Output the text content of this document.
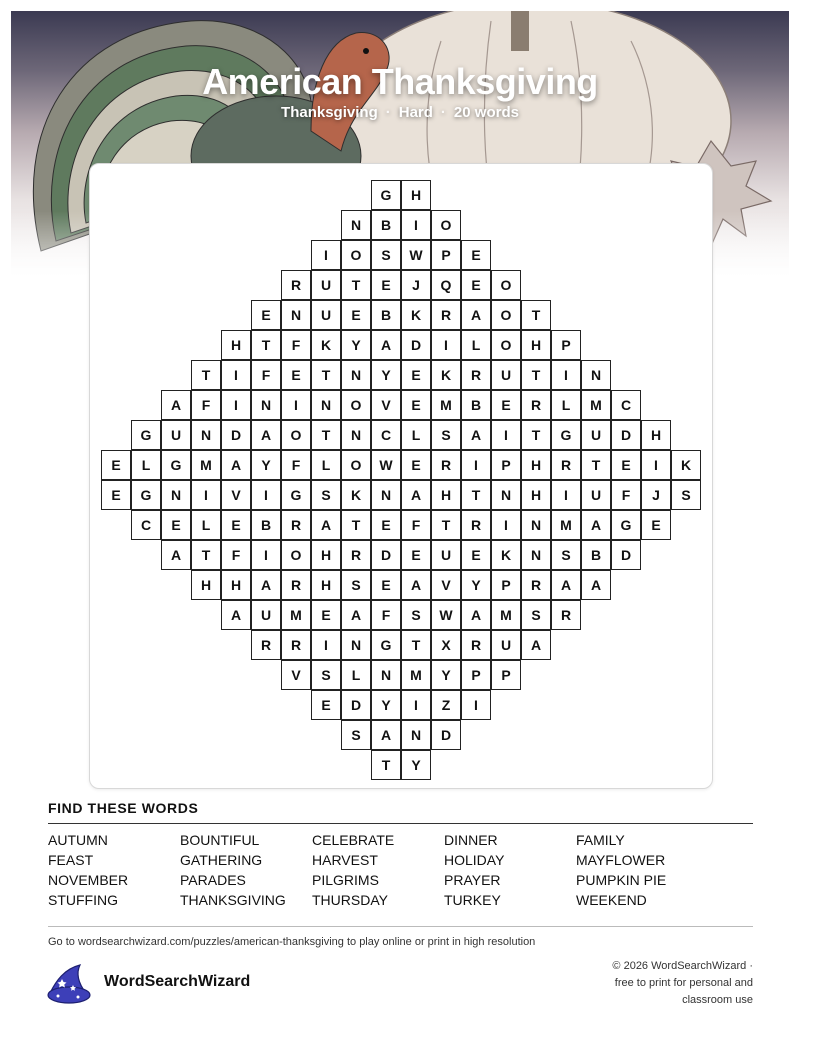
American Thanksgiving
Thanksgiving · Hard · 20 words
G	H
N	B	I	O
I	O	S	W	P	E
R	U	T	E	J	Q	E	O
E	N	U	E	B	K	R	A	O	T
H	T	F	K	Y	A	D	I	L	O	H	P
T	I	F	E	T	N	Y	E	K	R	U	T	I	N
A	F	I	N	I	N	O	V	E	M	B	E	R	L	M	C
G	U	N	D	A	O	T	N	C	L	S	A	I	T	G	U	D	H
E	L	G	M	A	Y	F	L	O	W	E	R	I	P	H	R	T	E	I	K
E	G	N	I	V	I	G	S	K	N	A	H	T	N	H	I	U	F	J	S
C	E	L	E	B	R	A	T	E	F	T	R	I	N	M	A	G	E
A	T	F	I	O	H	R	D	E	U	E	K	N	S	B	D
H	H	A	R	H	S	E	A	V	Y	P	R	A	A
A	U	M	E	A	F	S	W	A	M	S	R
R	R	I	N	G	T	X	R	U	A
V	S	L	N	M	Y	P	P
E	D	Y	I	Z	I
S	A	N	D
T	Y
FIND THESE WORDS
AUTUMN	BOUNTIFUL	CELEBRATE	DINNER	FAMILY
FEAST	GATHERING	HARVEST	HOLIDAY	MAYFLOWER
NOVEMBER	PARADES	PILGRIMS	PRAYER	PUMPKIN PIE
STUFFING	THANKSGIVING	THURSDAY	TURKEY	WEEKEND
Go to wordsearchwizard.com/puzzles/american-thanksgiving to play online or print in high resolution
WordSearchWizard
© 2026 WordSearchWizard ·
free to print for personal and
classroom use
